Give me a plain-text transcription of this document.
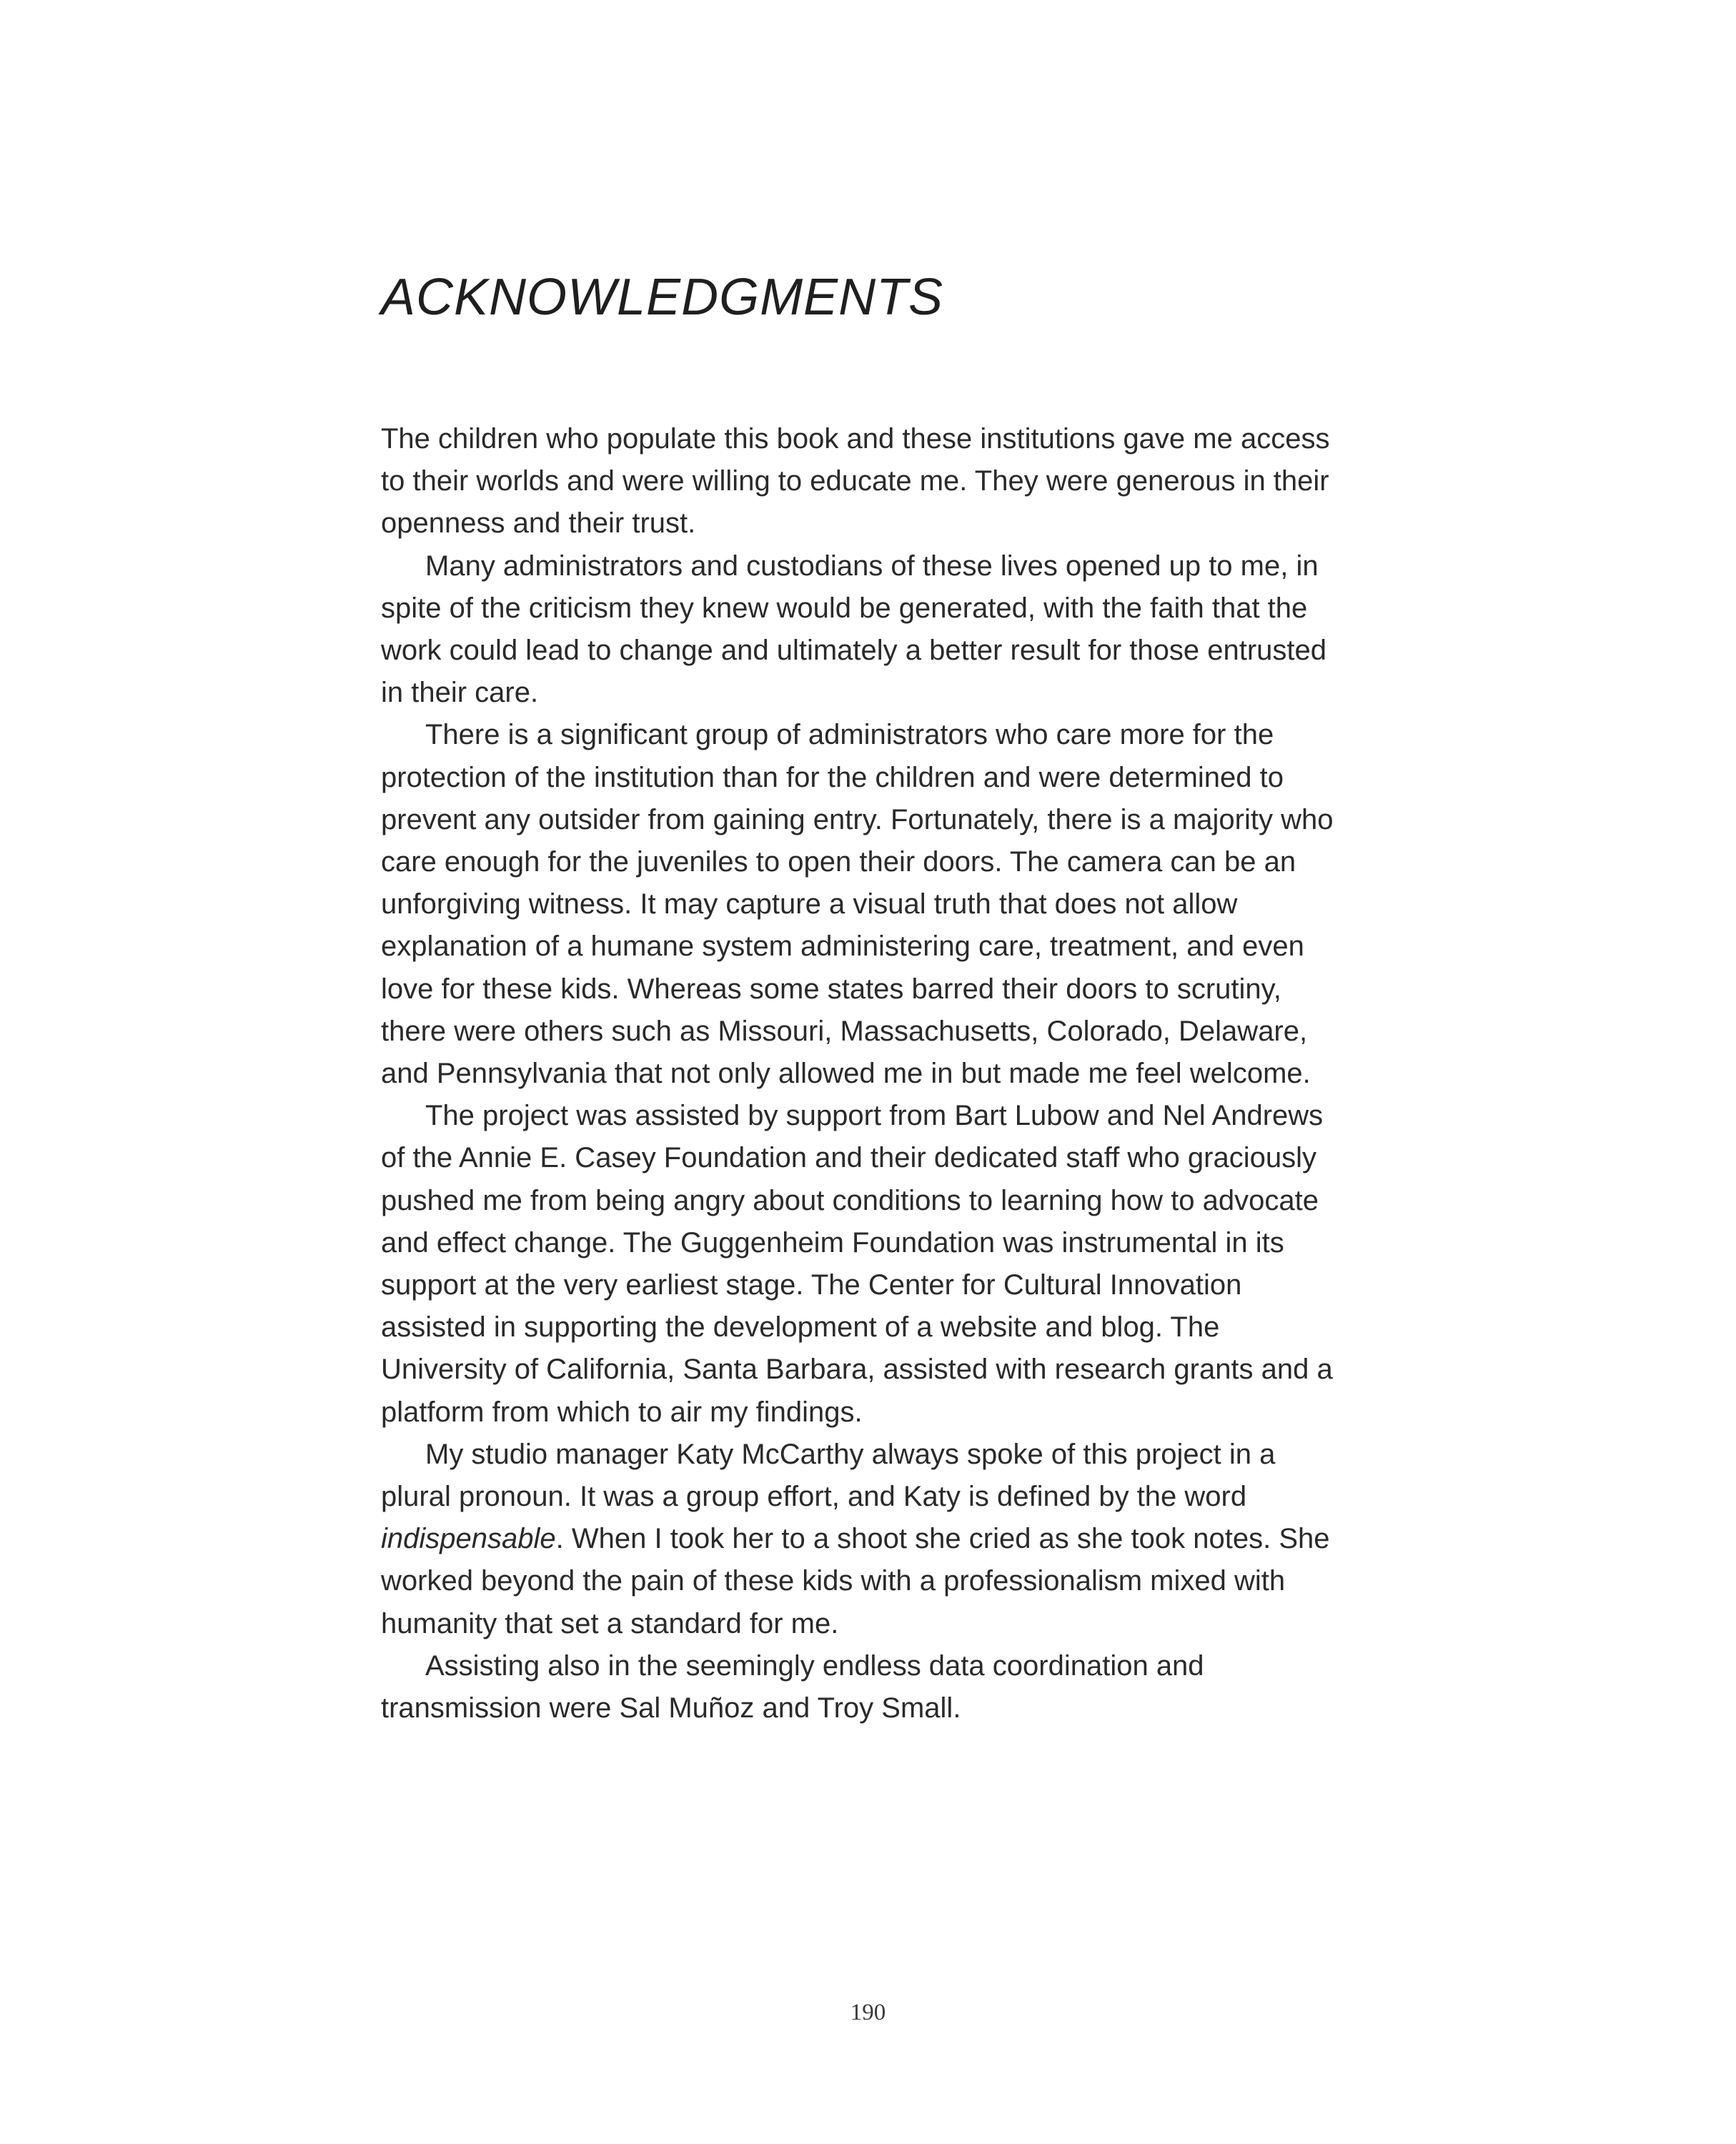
ACKNOWLEDGMENTS

The children who populate this book and these institutions gave me access to their worlds and were willing to educate me. They were generous in their openness and their trust.

Many administrators and custodians of these lives opened up to me, in spite of the criticism they knew would be generated, with the faith that the work could lead to change and ultimately a better result for those entrusted in their care.

There is a significant group of administrators who care more for the protection of the institution than for the children and were determined to prevent any outsider from gaining entry. Fortunately, there is a majority who care enough for the juveniles to open their doors. The camera can be an unforgiving witness. It may capture a visual truth that does not allow explanation of a humane system administering care, treatment, and even love for these kids. Whereas some states barred their doors to scrutiny, there were others such as Missouri, Massachusetts, Colorado, Delaware, and Pennsylvania that not only allowed me in but made me feel welcome.

The project was assisted by support from Bart Lubow and Nel Andrews of the Annie E. Casey Foundation and their dedicated staff who graciously pushed me from being angry about conditions to learning how to advocate and effect change. The Guggenheim Foundation was instrumental in its support at the very earliest stage. The Center for Cultural Innovation assisted in supporting the development of a website and blog. The University of California, Santa Barbara, assisted with research grants and a platform from which to air my findings.

My studio manager Katy McCarthy always spoke of this project in a plural pronoun. It was a group effort, and Katy is defined by the word indispensable. When I took her to a shoot she cried as she took notes. She worked beyond the pain of these kids with a professionalism mixed with humanity that set a standard for me.

Assisting also in the seemingly endless data coordination and transmission were Sal Muñoz and Troy Small.

190
